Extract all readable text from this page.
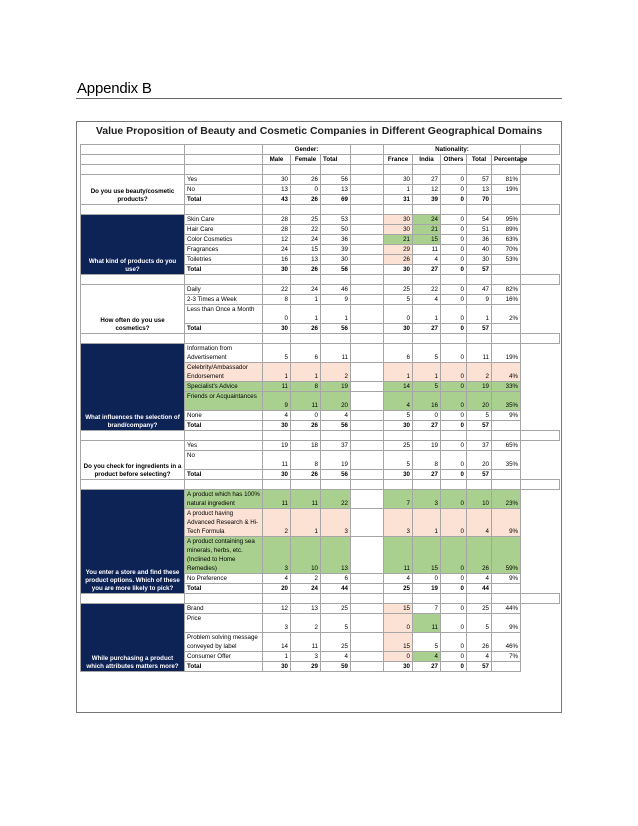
Appendix B
Value Proposition of Beauty and Cosmetic Companies in Different Geographical Domains
		Gender:				Nationality:					
		Male	Female	Total		France	India	Others	Total	Percentage	

Do you use beauty/cosmetic products?	Yes	30	26	56		30	27	0	57	81%	
	No	13	0	13		1	12	0	13	19%	
	Total	43	26	69		31	39	0	70		

What kind of products do you use?	Skin Care	28	25	53		30	24	0	54	95%	
	Hair Care	28	22	50		30	21	0	51	89%	
	Color Cosmetics	12	24	36		21	15	0	36	63%	
	Fragrances	24	15	39		29	11	0	40	70%	
	Toiletries	16	13	30		26	4	0	30	53%	
	Total	30	26	56		30	27	0	57		

How often do you use cosmetics?	Daily	22	24	46		25	22	0	47	82%	
	2-3 Times a Week	8	1	9		5	4	0	9	16%	
	Less than Once a Month	0	1	1		0	1	0	1	2%	
	Total	30	26	56		30	27	0	57		

What influences the selection of brand/company?	Information from Advertisement	5	6	11		6	5	0	11	19%	
	Celebrity/Ambassador Endorsement	1	1	2		1	1	0	2	4%	
	Specialist's Advice	11	8	19		14	5	0	19	33%	
	Friends or Acquaintances	9	11	20		4	16	0	20	35%	
	None	4	0	4		5	0	0	5	9%	
	Total	30	26	56		30	27	0	57		

Do you check for ingredients in a product before selecting?	Yes	19	18	37		25	19	0	37	65%	
	No	11	8	19		5	8	0	20	35%	
	Total	30	26	56		30	27	0	57		

You enter a store and find these product options. Which of these you are more likely to pick?	A product which has 100% natural ingredient	11	11	22		7	3	0	10	23%	
	A product having Advanced Research & Hi-Tech Formula	2	1	3		3	1	0	4	9%	
	A product containing sea minerals, herbs, etc. (Inclined to Home Remedies)	3	10	13		11	15	0	26	59%	
	No Preference	4	2	6		4	0	0	4	9%	
	Total	20	24	44		25	19	0	44		

While purchasing a product which attributes matters more?	Brand	12	13	25		15	7	0	25	44%	
	Price	3	2	5		0	11	0	5	9%	
	Problem solving message conveyed by label	14	11	25		15	5	0	26	46%	
	Consumer Offer	1	3	4		0	4	0	4	7%	
	Total	30	29	59		30	27	0	57		
